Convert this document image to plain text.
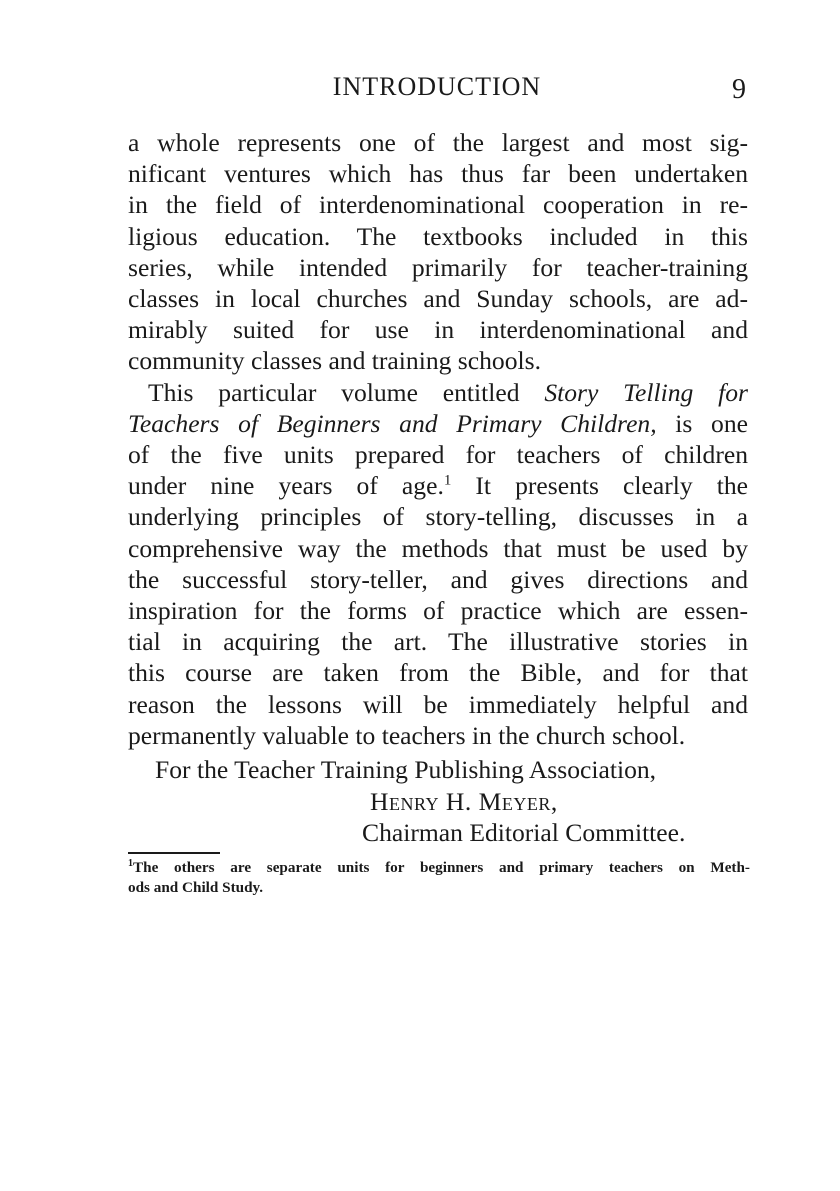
INTRODUCTION	9

a whole represents one of the largest and most sig-
nificant ventures which has thus far been undertaken
in the field of interdenominational cooperation in re-
ligious education. The textbooks included in this
series, while intended primarily for teacher-training
classes in local churches and Sunday schools, are ad-
mirably suited for use in interdenominational and
community classes and training schools.

This particular volume entitled Story Telling for
Teachers of Beginners and Primary Children, is one
of the five units prepared for teachers of children
under nine years of age.$^1$ It presents clearly the
underlying principles of story-telling, discusses in a
comprehensive way the methods that must be used by
the successful story-teller, and gives directions and
inspiration for the forms of practice which are essen-
tial in acquiring the art. The illustrative stories in
this course are taken from the Bible, and for that
reason the lessons will be immediately helpful and
permanently valuable to teachers in the church school.

For the Teacher Training Publishing Association,
Henry H. Meyer,
Chairman Editorial Committee.
$^1$The others are separate units for beginners and primary teachers on Meth-
ods and Child Study.
